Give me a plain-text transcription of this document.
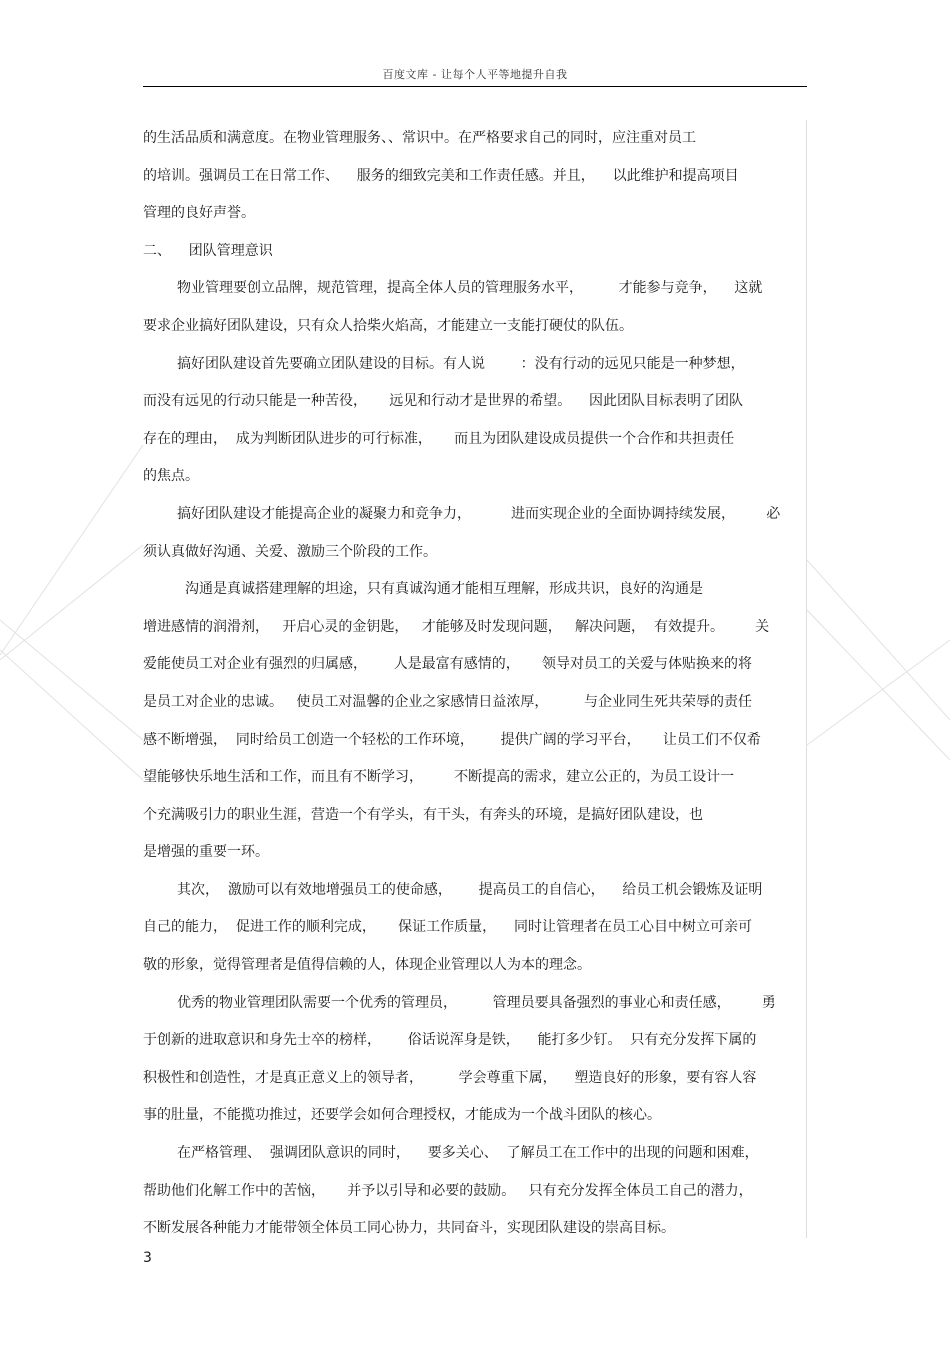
百度文库 - 让每个人平等地提升自我
的生活品质和满意度。在物业管理服务、、常识中。在严格要求自己的同时，应注重对员工
的培训。强调员工在日常工作、    服务的细致完美和工作责任感。并且，    以此维护和提高项目
管理的良好声誉。
二、    团队管理意识
物业管理要创立品牌，规范管理，提高全体人员的管理服务水平，        才能参与竞争，    这就
要求企业搞好团队建设，只有众人拾柴火焰高，才能建立一支能打硬仗的队伍。
搞好团队建设首先要确立团队建设的目标。有人说        ：没有行动的远见只能是一种梦想，
而没有远见的行动只能是一种苦役，     远见和行动才是世界的希望。    因此团队目标表明了团队
存在的理由，  成为判断团队进步的可行标准，     而且为团队建设成员提供一个合作和共担责任
的焦点。
搞好团队建设才能提高企业的凝聚力和竞争力，         进而实现企业的全面协调持续发展，       必
须认真做好沟通、关爱、激励三个阶段的工作。
沟通是真诚搭建理解的坦途，只有真诚沟通才能相互理解，形成共识，良好的沟通是
增进感情的润滑剂，   开启心灵的金钥匙，   才能够及时发现问题，   解决问题，  有效提升。       关
爱能使员工对企业有强烈的归属感，      人是最富有感情的，     领导对员工的关爱与体贴换来的将
是员工对企业的忠诚。   使员工对温馨的企业之家感情日益浓厚，        与企业同生死共荣辱的责任
感不断增强，  同时给员工创造一个轻松的工作环境，      提供广阔的学习平台，     让员工们不仅希
望能够快乐地生活和工作，而且有不断学习，       不断提高的需求，建立公正的，为员工设计一
个充满吸引力的职业生涯，营造一个有学头，有干头，有奔头的环境，是搞好团队建设，也
是增强的重要一环。
其次，  激励可以有效地增强员工的使命感，      提高员工的自信心，    给员工机会锻炼及证明
自己的能力，  促进工作的顺利完成，     保证工作质量，    同时让管理者在员工心目中树立可亲可
敬的形象，觉得管理者是值得信赖的人，体现企业管理以人为本的理念。
优秀的物业管理团队需要一个优秀的管理员，        管理员要具备强烈的事业心和责任感，       勇
于创新的进取意识和身先士卒的榜样，      俗话说浑身是铁，    能打多少钉。  只有充分发挥下属的
积极性和创造性，才是真正意义上的领导者，        学会尊重下属，    塑造良好的形象，要有容人容
事的肚量，不能揽功推过，还要学会如何合理授权，才能成为一个战斗团队的核心。
在严格管理、  强调团队意识的同时，    要多关心、  了解员工在工作中的出现的问题和困难，
帮助他们化解工作中的苦恼，     并予以引导和必要的鼓励。   只有充分发挥全体员工自己的潜力，
不断发展各种能力才能带领全体员工同心协力，共同奋斗，实现团队建设的崇高目标。
3
